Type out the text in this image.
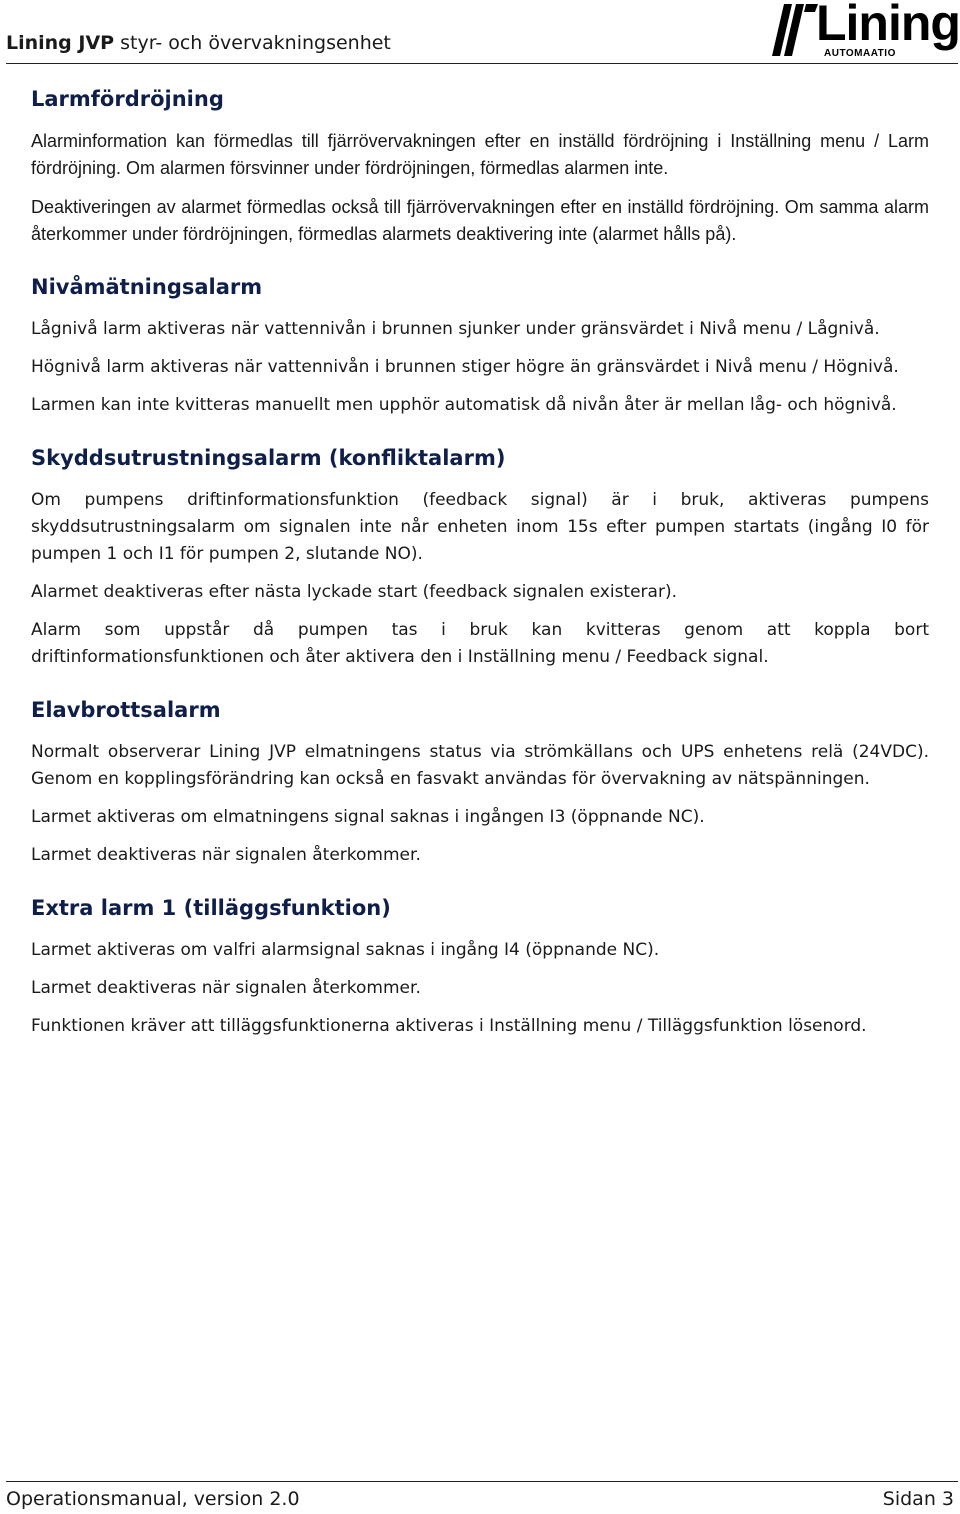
Lining JVP styr- och övervakningsenhet	Lining
AUTOMAATIO
Larmfördröjning

Alarminformation kan förmedlas till fjärrövervakningen efter en inställd fördröjning i Inställning menu / Larm fördröjning. Om alarmen försvinner under fördröjningen, förmedlas alarmen inte.

Deaktiveringen av alarmet förmedlas också till fjärrövervakningen efter en inställd fördröjning. Om samma alarm återkommer under fördröjningen, förmedlas alarmets deaktivering inte (alarmet hålls på).

Nivåmätningsalarm

Lågnivå larm aktiveras när vattennivån i brunnen sjunker under gränsvärdet i Nivå menu / Lågnivå.

Högnivå larm aktiveras när vattennivån i brunnen stiger högre än gränsvärdet i Nivå menu / Högnivå.

Larmen kan inte kvitteras manuellt men upphör automatisk då nivån åter är mellan låg- och högnivå.

Skyddsutrustningsalarm (konfliktalarm)

Om pumpens driftinformationsfunktion (feedback signal) är i bruk, aktiveras pumpens skyddsutrustningsalarm om signalen inte når enheten inom 15s efter pumpen startats (ingång I0 för pumpen 1 och I1 för pumpen 2, slutande NO).

Alarmet deaktiveras efter nästa lyckade start (feedback signalen existerar).

Alarm som uppstår då pumpen tas i bruk kan kvitteras genom att koppla bort driftinformationsfunktionen och åter aktivera den i Inställning menu / Feedback signal.

Elavbrottsalarm

Normalt observerar Lining JVP elmatningens status via strömkällans och UPS enhetens relä (24VDC). Genom en kopplingsförändring kan också en fasvakt användas för övervakning av nätspänningen.

Larmet aktiveras om elmatningens signal saknas i ingången I3 (öppnande NC).

Larmet deaktiveras när signalen återkommer.

Extra larm 1 (tilläggsfunktion)

Larmet aktiveras om valfri alarmsignal saknas i ingång I4 (öppnande NC).

Larmet deaktiveras när signalen återkommer.

Funktionen kräver att tilläggsfunktionerna aktiveras i Inställning menu / Tilläggsfunktion lösenord.

Operationsmanual, version 2.0	Sidan 3
